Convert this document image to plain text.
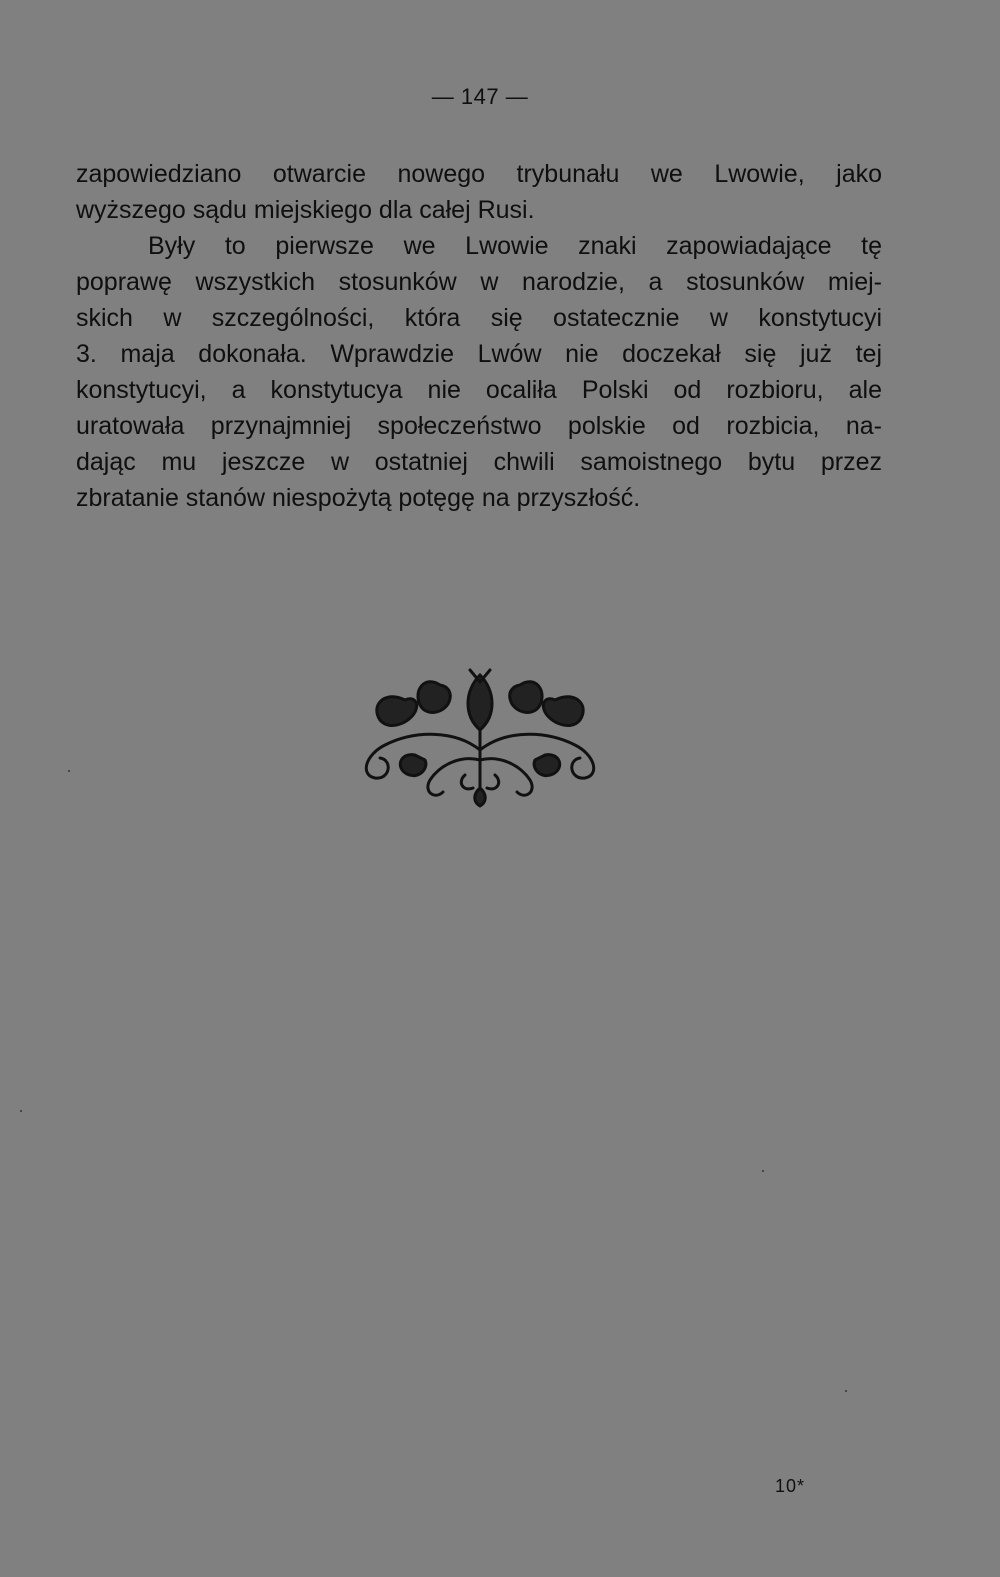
— 147 —
zapowiedziano otwarcie nowego trybunału we Lwowie, jako
wyższego sądu miejskiego dla całej Rusi.
Były to pierwsze we Lwowie znaki zapowiadające tę
poprawę wszystkich stosunków w narodzie, a stosunków miej-
skich w szczególności, która się ostatecznie w konstytucyi
3. maja dokonała. Wprawdzie Lwów nie doczekał się już tej
konstytucyi, a konstytucya nie ocaliła Polski od rozbioru, ale
uratowała przynajmniej społeczeństwo polskie od rozbicia, na-
dając mu jeszcze w ostatniej chwili samoistnego bytu przez
zbratanie stanów niespożytą potęgę na przyszłość.
10*
